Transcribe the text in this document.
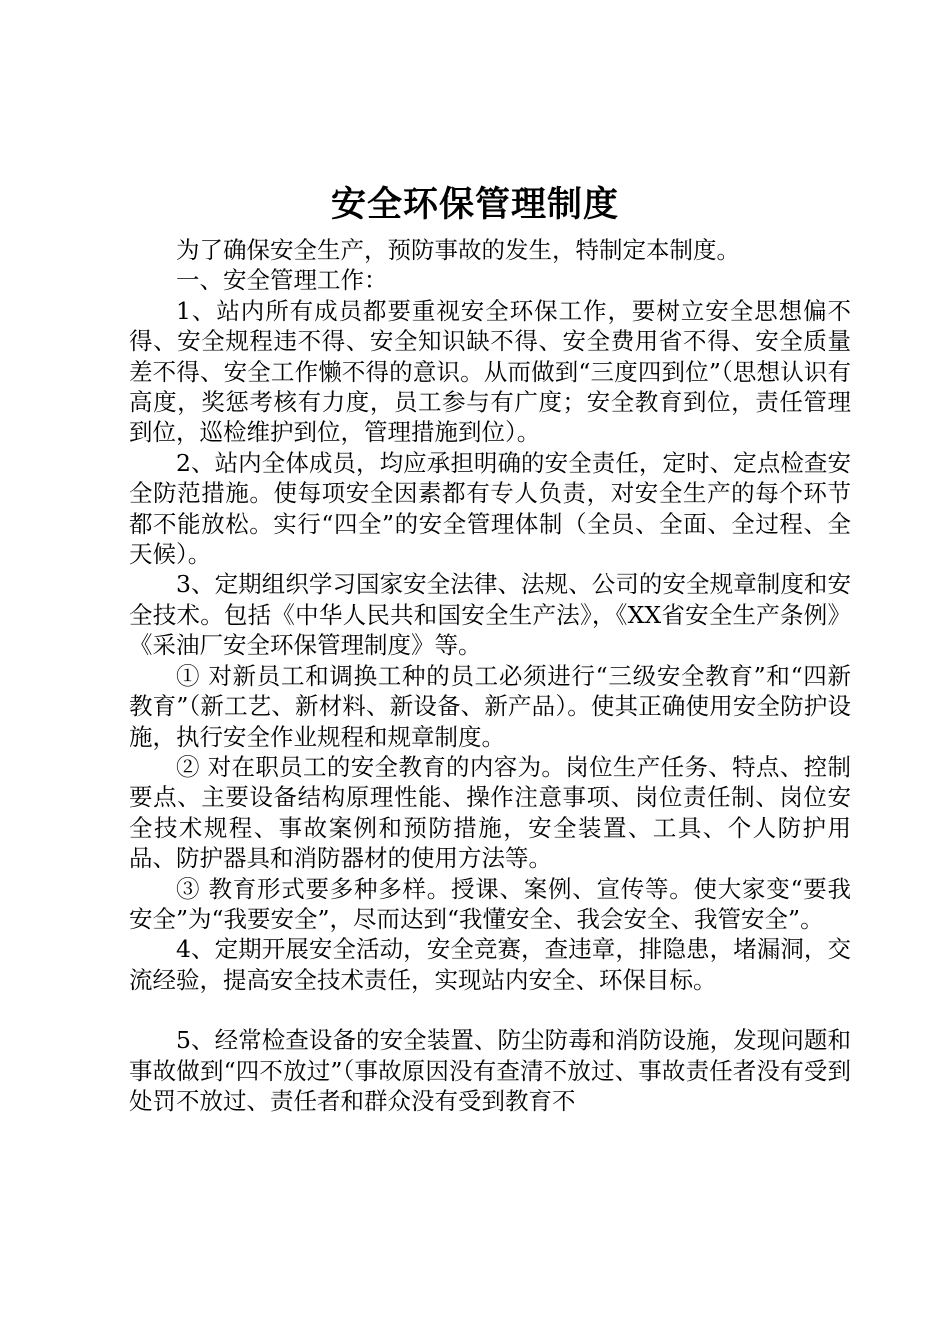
安全环保管理制度

为了确保安全生产，预防事故的发生，特制定本制度。

一、安全管理工作：

1、站内所有成员都要重视安全环保工作，要树立安全思想偏不得、安全规程违不得、安全知识缺不得、安全费用省不得、安全质量差不得、安全工作懒不得的意识。从而做到“三度四到位”（思想认识有高度，奖惩考核有力度，员工参与有广度；安全教育到位，责任管理到位，巡检维护到位，管理措施到位）。

2、站内全体成员，均应承担明确的安全责任，定时、定点检查安全防范措施。使每项安全因素都有专人负责，对安全生产的每个环节都不能放松。实行“四全”的安全管理体制（全员、全面、全过程、全天候）。

3、定期组织学习国家安全法律、法规、公司的安全规章制度和安全技术。包括《中华人民共和国安全生产法》，《XX省安全生产条例》《采油厂安全环保管理制度》等。

① 对新员工和调换工种的员工必须进行“三级安全教育”和“四新教育”（新工艺、新材料、新设备、新产品）。使其正确使用安全防护设施，执行安全作业规程和规章制度。

② 对在职员工的安全教育的内容为。岗位生产任务、特点、控制要点、主要设备结构原理性能、操作注意事项、岗位责任制、岗位安全技术规程、事故案例和预防措施，安全装置、工具、个人防护用品、防护器具和消防器材的使用方法等。

③ 教育形式要多种多样。授课、案例、宣传等。使大家变“要我安全”为“我要安全”，尽而达到“我懂安全、我会安全、我管安全”。

4、定期开展安全活动，安全竞赛，查违章，排隐患，堵漏洞，交流经验，提高安全技术责任，实现站内安全、环保目标。

5、经常检查设备的安全装置、防尘防毒和消防设施，发现问题和事故做到“四不放过”（事故原因没有查清不放过、事故责任者没有受到处罚不放过、责任者和群众没有受到教育不
